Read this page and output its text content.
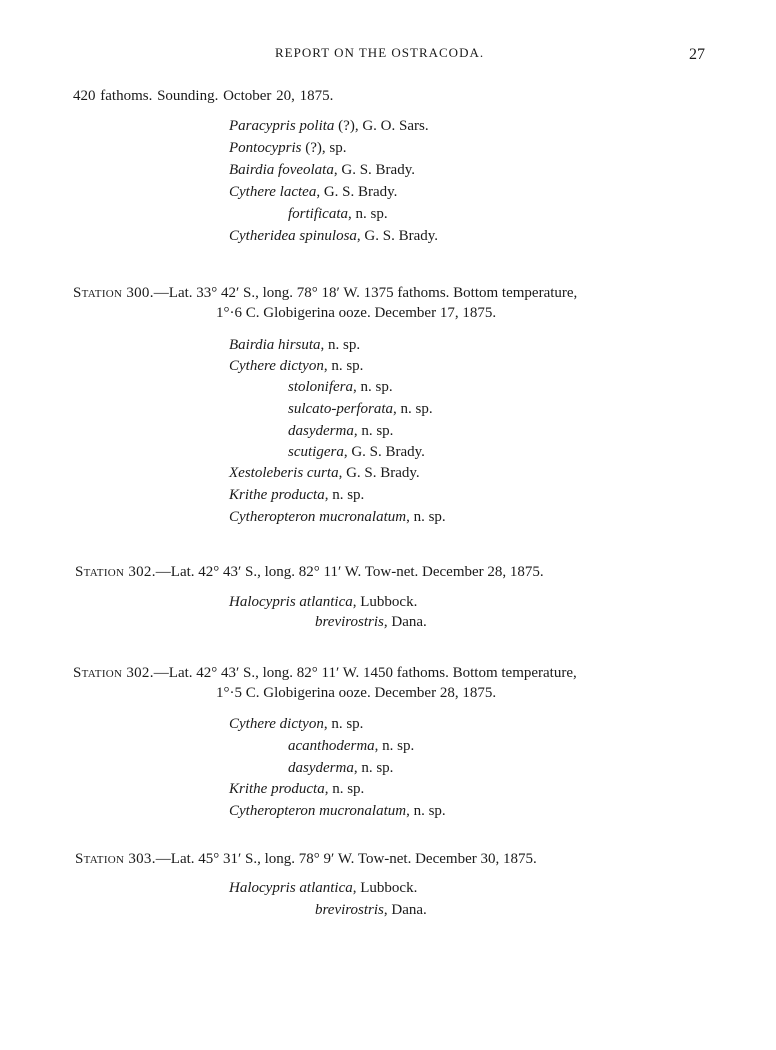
REPORT ON THE OSTRACODA.	27
420 fathoms. Sounding. October 20, 1875.
Paracypris polita (?), G. O. Sars.
Pontocypris (?), sp.
Bairdia foveolata, G. S. Brady.
Cythere lactea, G. S. Brady.
fortificata, n. sp.
Cytheridea spinulosa, G. S. Brady.
Station 300.—Lat. 33° 42′ S., long. 78° 18′ W. 1375 fathoms. Bottom temperature,
1°·6 C. Globigerina ooze. December 17, 1875.
Bairdia hirsuta, n. sp.
Cythere dictyon, n. sp.
stolonifera, n. sp.
sulcato-perforata, n. sp.
dasyderma, n. sp.
scutigera, G. S. Brady.
Xestoleberis curta, G. S. Brady.
Krithe producta, n. sp.
Cytheropteron mucronalatum, n. sp.
Station 302.—Lat. 42° 43′ S., long. 82° 11′ W. Tow-net. December 28, 1875.
Halocypris atlantica, Lubbock.
brevirostris, Dana.
Station 302.—Lat. 42° 43′ S., long. 82° 11′ W. 1450 fathoms. Bottom temperature,
1°·5 C. Globigerina ooze. December 28, 1875.
Cythere dictyon, n. sp.
acanthoderma, n. sp.
dasyderma, n. sp.
Krithe producta, n. sp.
Cytheropteron mucronalatum, n. sp.
Station 303.—Lat. 45° 31′ S., long. 78° 9′ W. Tow-net. December 30, 1875.
Halocypris atlantica, Lubbock.
brevirostris, Dana.
